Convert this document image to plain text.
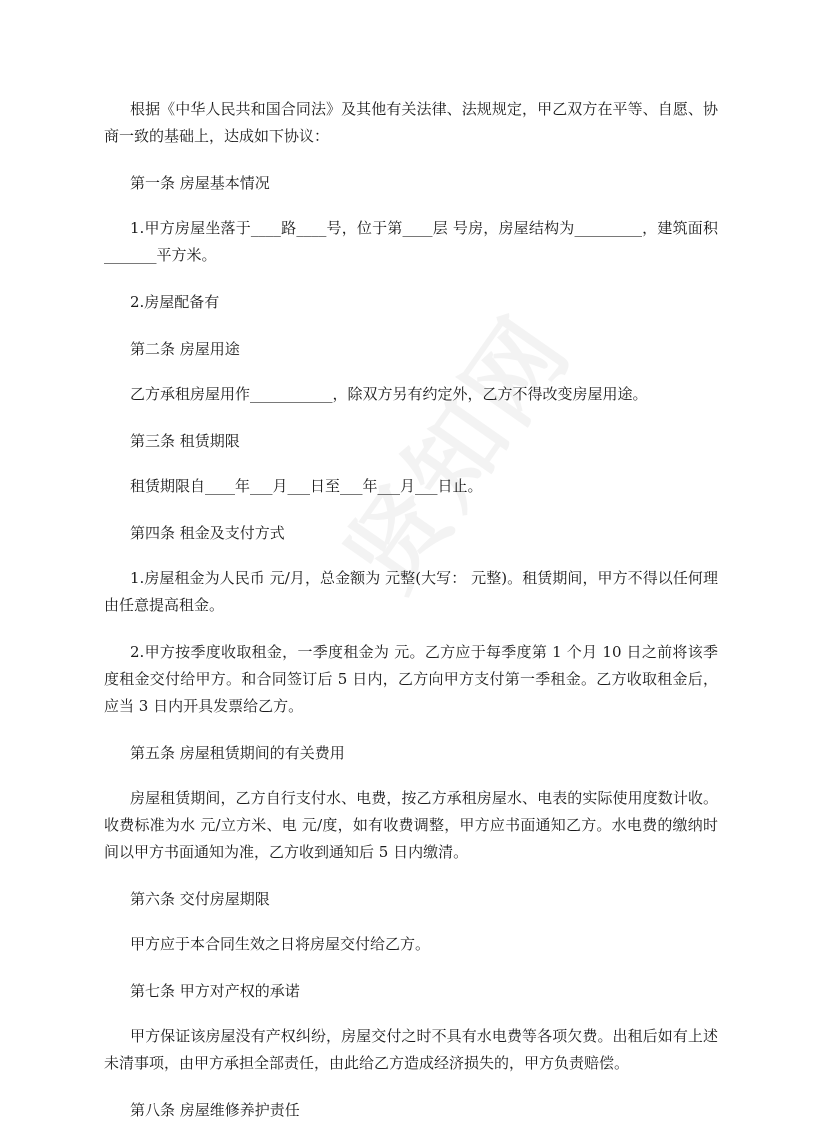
根据《中华人民共和国合同法》及其他有关法律、法规规定，甲乙双方在平等、自愿、协商一致的基础上，达成如下协议：

第一条 房屋基本情况

1.甲方房屋坐落于____路____号，位于第____层 号房，房屋结构为_________，建筑面积_______平方米。

2.房屋配备有

第二条 房屋用途

乙方承租房屋用作___________，除双方另有约定外，乙方不得改变房屋用途。

第三条 租赁期限

租赁期限自____年___月___日至___年___月___日止。

第四条 租金及支付方式

1.房屋租金为人民币 元/月，总金额为 元整(大写： 元整)。租赁期间，甲方不得以任何理由任意提高租金。

2.甲方按季度收取租金，一季度租金为 元。乙方应于每季度第 1 个月 10 日之前将该季度租金交付给甲方。和合同签订后 5 日内，乙方向甲方支付第一季租金。乙方收取租金后，应当 3 日内开具发票给乙方。

第五条 房屋租赁期间的有关费用

房屋租赁期间，乙方自行支付水、电费，按乙方承租房屋水、电表的实际使用度数计收。收费标准为水 元/立方米、电 元/度，如有收费调整，甲方应书面通知乙方。水电费的缴纳时间以甲方书面通知为准，乙方收到通知后 5 日内缴清。

第六条 交付房屋期限

甲方应于本合同生效之日将房屋交付给乙方。

第七条 甲方对产权的承诺

甲方保证该房屋没有产权纠纷，房屋交付之时不具有水电费等各项欠费。出租后如有上述未清事项，由甲方承担全部责任，由此给乙方造成经济损失的，甲方负责赔偿。

第八条 房屋维修养护责任
